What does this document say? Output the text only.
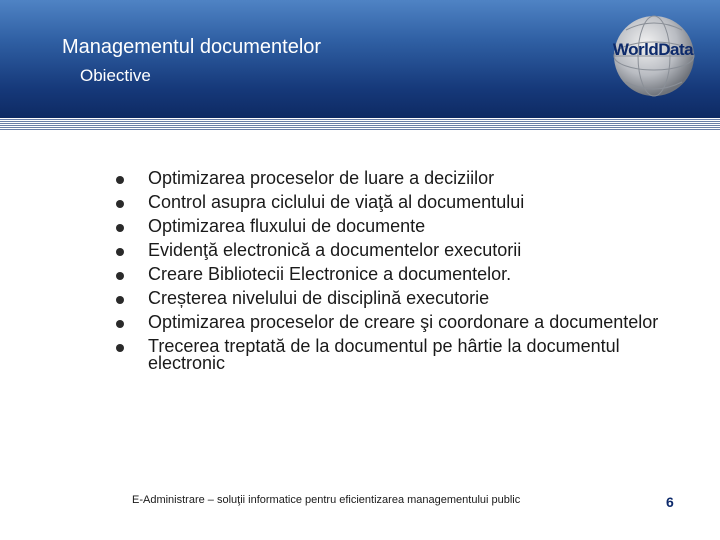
Managementul documentelor
Obiective
WorldData
Optimizarea proceselor de luare a deciziilor
Control asupra ciclului de viaţă al documentului
Optimizarea fluxului de documente
Evidenţă electronică a documentelor executorii
Creare Bibliotecii Electronice a documentelor.
Creșterea nivelului de disciplină executorie
Optimizarea proceselor de creare şi coordonare a documentelor
Trecerea treptată de la documentul pe hârtie la documentul electronic
E-Administrare – soluţii informatice pentru eficientizarea managementului public	6
